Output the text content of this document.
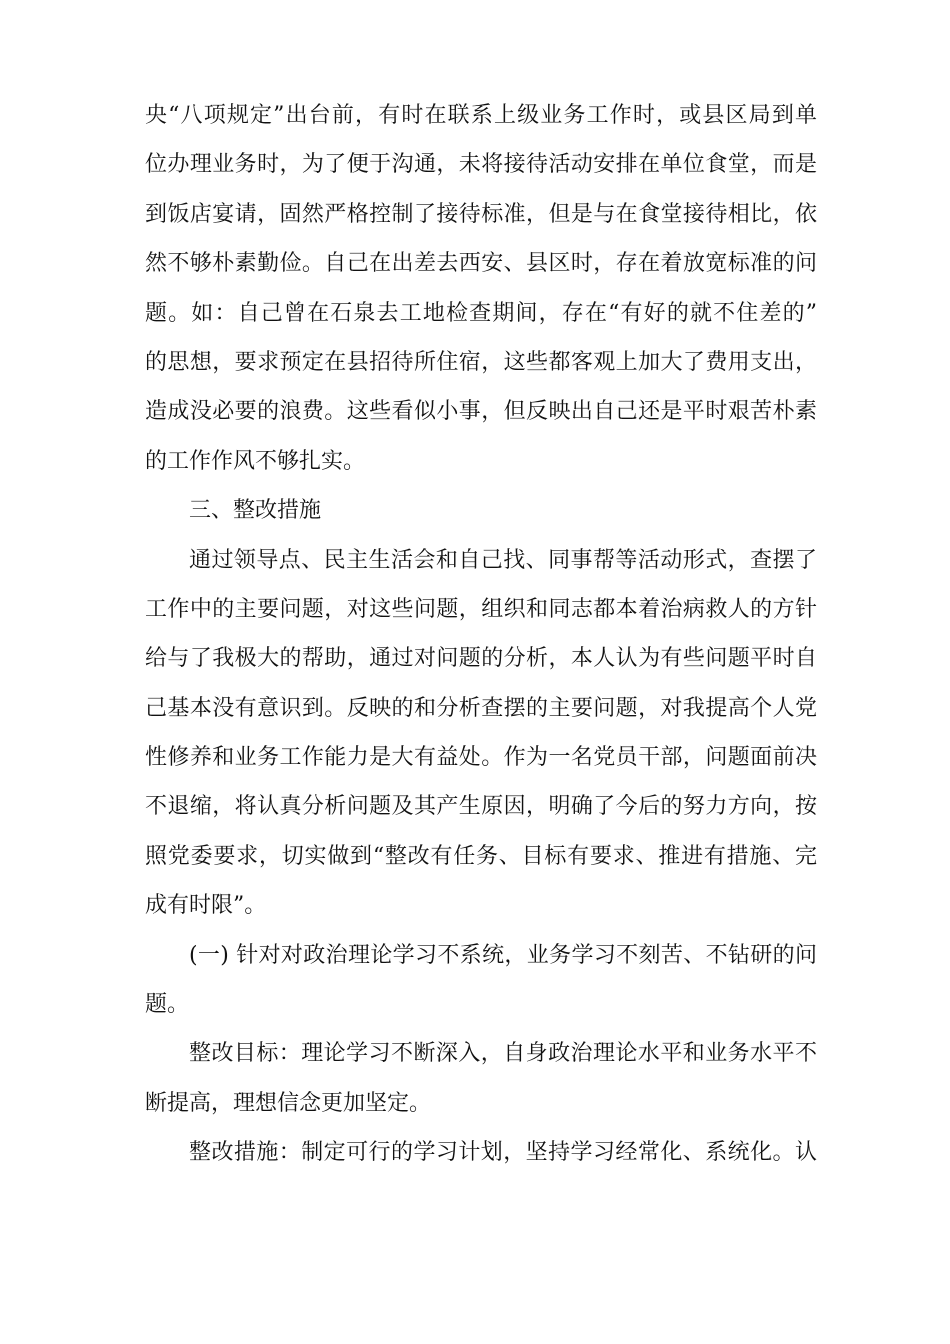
央“八项规定”出台前，有时在联系上级业务工作时，或县区局到单
位办理业务时，为了便于沟通，未将接待活动安排在单位食堂，而是
到饭店宴请，固然严格控制了接待标准，但是与在食堂接待相比，依
然不够朴素勤俭。自己在出差去西安、县区时，存在着放宽标准的问
题。如：自己曾在石泉去工地检查期间，存在“有好的就不住差的”
的思想，要求预定在县招待所住宿，这些都客观上加大了费用支出，
造成没必要的浪费。这些看似小事，但反映出自己还是平时艰苦朴素
的工作作风不够扎实。
三、整改措施
通过领导点、民主生活会和自己找、同事帮等活动形式，查摆了
工作中的主要问题，对这些问题，组织和同志都本着治病救人的方针
给与了我极大的帮助，通过对问题的分析，本人认为有些问题平时自
己基本没有意识到。反映的和分析查摆的主要问题，对我提高个人党
性修养和业务工作能力是大有益处。作为一名党员干部，问题面前决
不退缩，将认真分析问题及其产生原因，明确了今后的努力方向，按
照党委要求，切实做到“整改有任务、目标有要求、推进有措施、完
成有时限”。
(一) 针对对政治理论学习不系统，业务学习不刻苦、不钻研的问
题。
整改目标：理论学习不断深入，自身政治理论水平和业务水平不
断提高，理想信念更加坚定。
整改措施：制定可行的学习计划，坚持学习经常化、系统化。认
